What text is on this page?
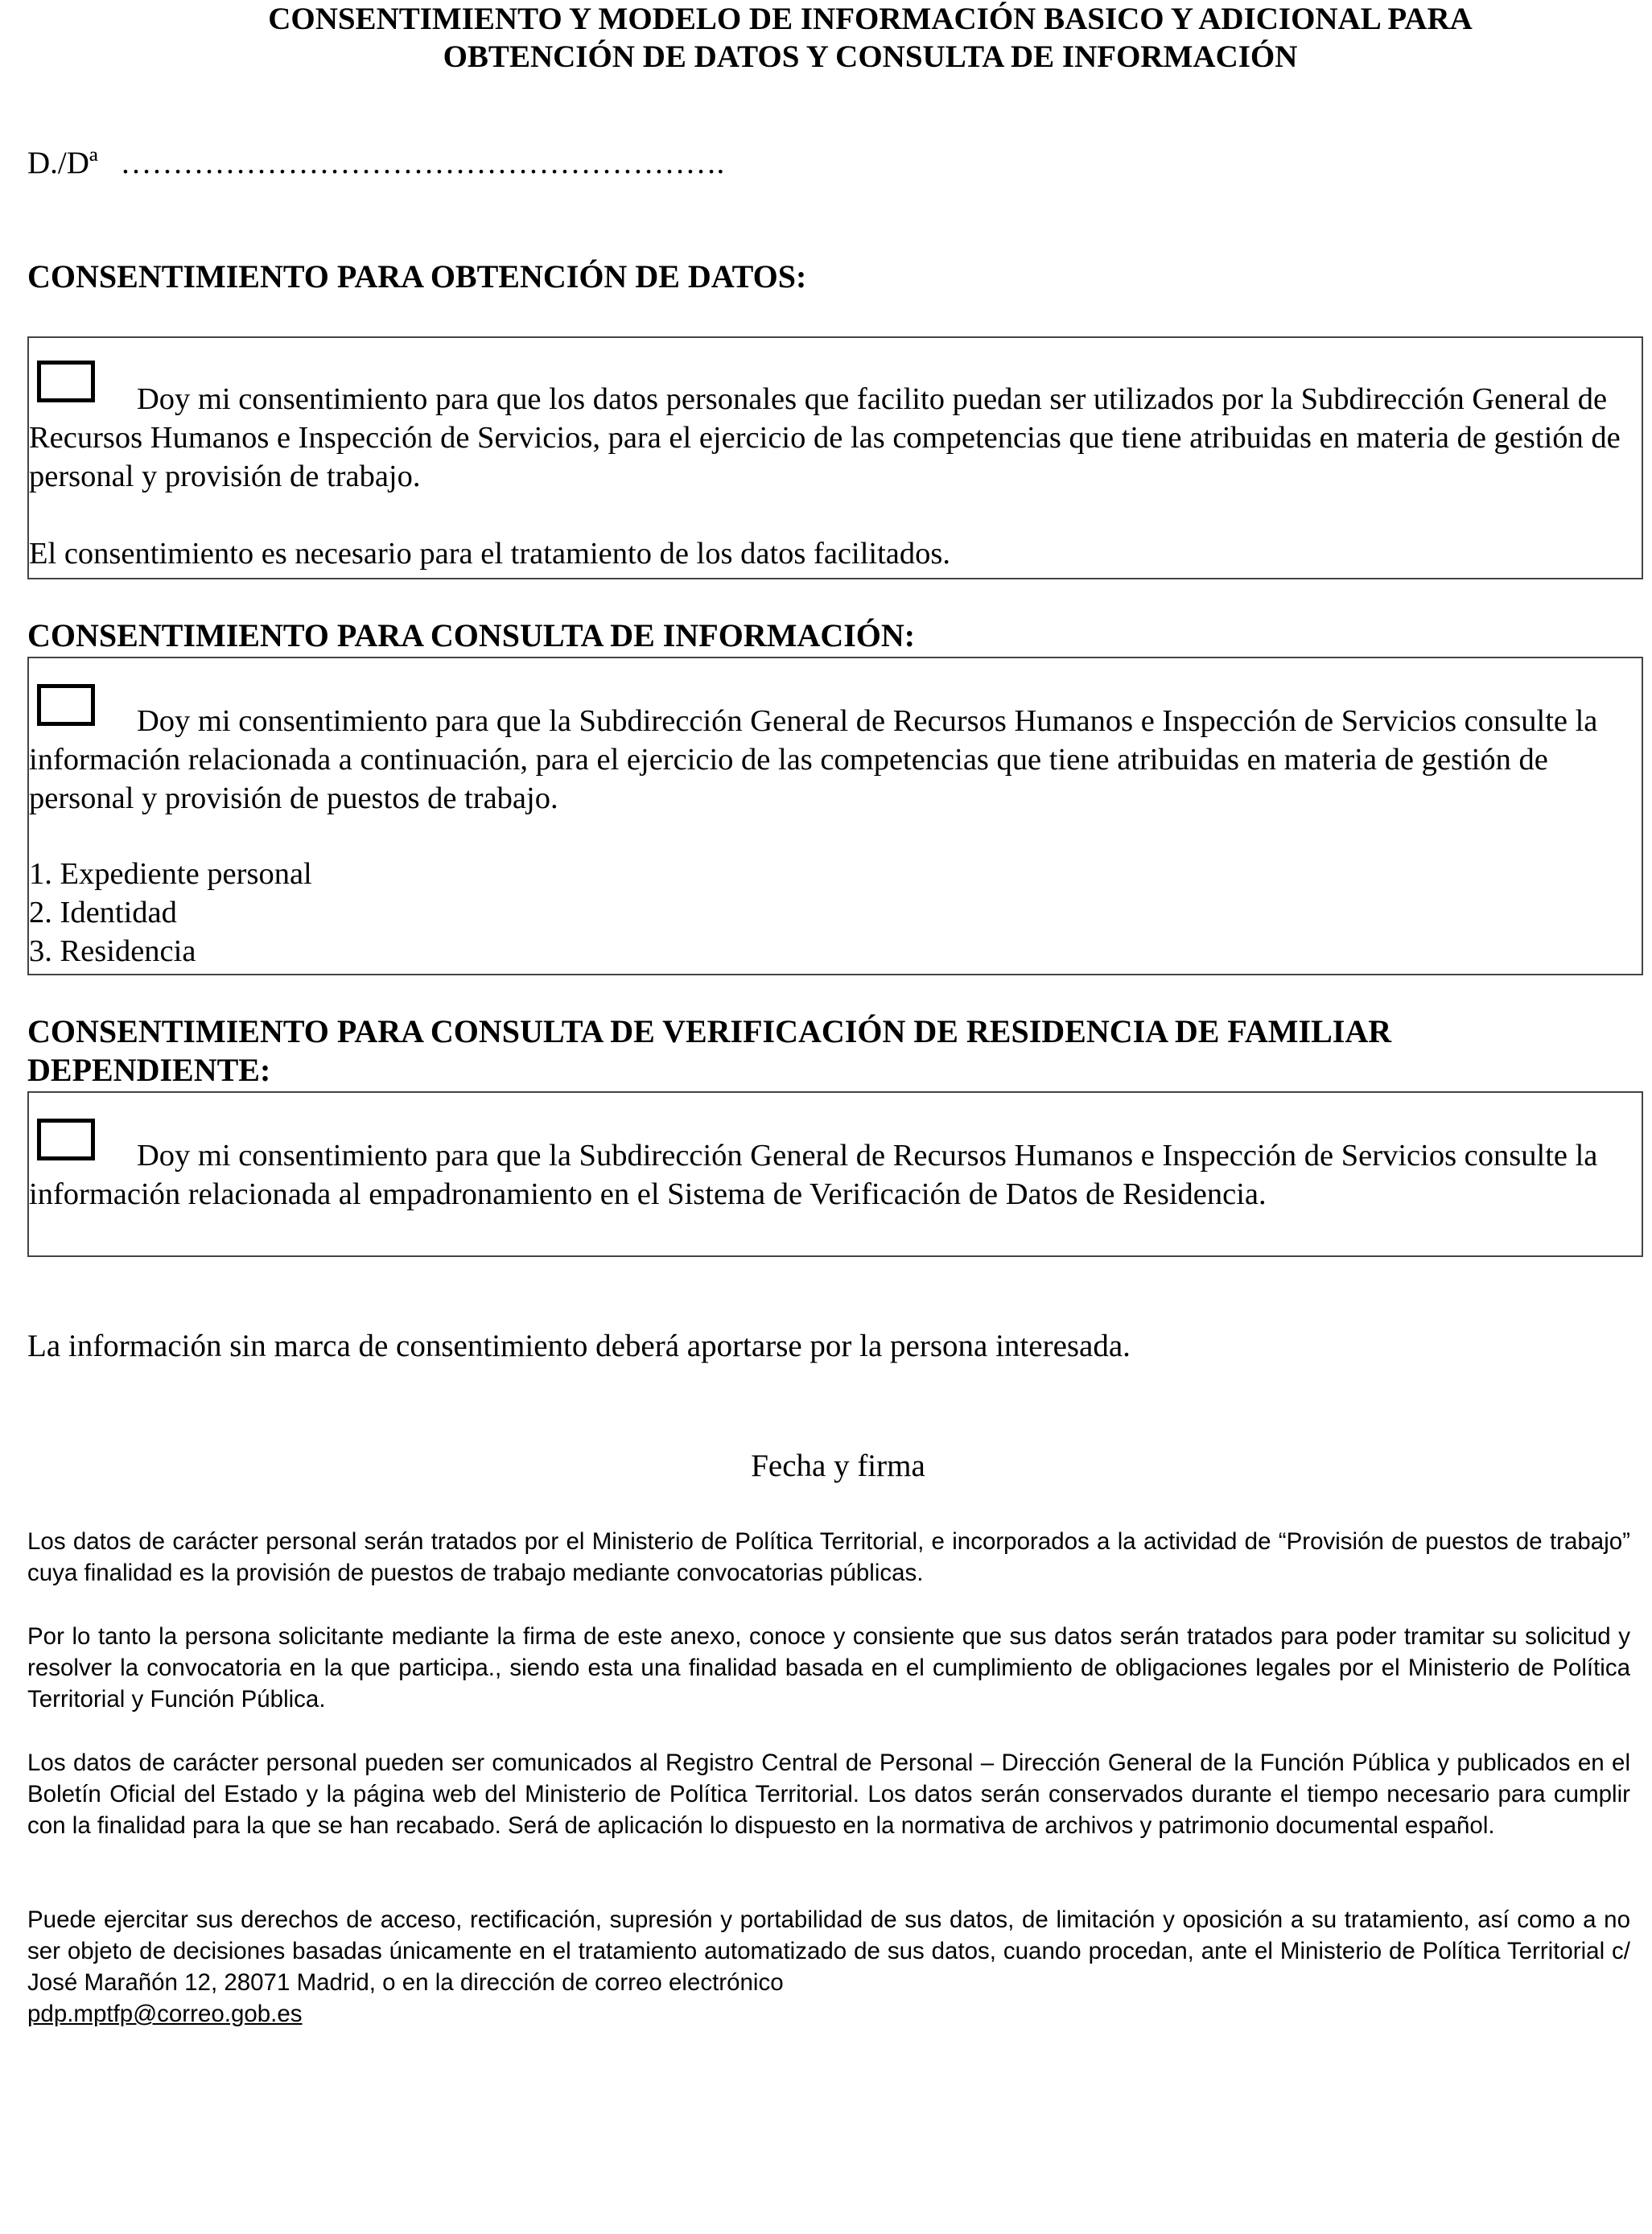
CONSENTIMIENTO Y MODELO DE INFORMACIÓN BASICO Y ADICIONAL PARA
OBTENCIÓN DE DATOS Y CONSULTA DE INFORMACIÓN
D./Dª ………………………………………………….
CONSENTIMIENTO PARA OBTENCIÓN DE DATOS:

Doy mi consentimiento para que los datos personales que facilito puedan ser utilizados por la Subdirección General de Recursos Humanos e Inspección de Servicios, para el ejercicio de las competencias que tiene atribuidas en materia de gestión de personal y provisión de trabajo.

El consentimiento es necesario para el tratamiento de los datos facilitados.

CONSENTIMIENTO PARA CONSULTA DE INFORMACIÓN:

Doy mi consentimiento para que la Subdirección General de Recursos Humanos e Inspección de Servicios consulte la información relacionada a continuación, para el ejercicio de las competencias que tiene atribuidas en materia de gestión de personal y provisión de puestos de trabajo.

1. Expediente personal
2. Identidad
3. Residencia
CONSENTIMIENTO PARA CONSULTA DE VERIFICACIÓN DE RESIDENCIA DE FAMILIAR
DEPENDIENTE:

Doy mi consentimiento para que la Subdirección General de Recursos Humanos e Inspección de Servicios consulte la información relacionada al empadronamiento en el Sistema de Verificación de Datos de Residencia.

La información sin marca de consentimiento deberá aportarse por la persona interesada.
Fecha y firma

Los datos de carácter personal serán tratados por el Ministerio de Política Territorial, e incorporados a la actividad de “Provisión de puestos de trabajo” cuya finalidad es la provisión de puestos de trabajo mediante convocatorias públicas.

Por lo tanto la persona solicitante mediante la firma de este anexo, conoce y consiente que sus datos serán tratados para poder tramitar su solicitud y resolver la convocatoria en la que participa., siendo esta una finalidad basada en el cumplimiento de obligaciones legales por el Ministerio de Política Territorial y Función Pública.

Los datos de carácter personal pueden ser comunicados al Registro Central de Personal – Dirección General de la Función Pública y publicados en el Boletín Oficial del Estado y la página web del Ministerio de Política Territorial. Los datos serán conservados durante el tiempo necesario para cumplir con la finalidad para la que se han recabado. Será de aplicación lo dispuesto en la normativa de archivos y patrimonio documental español.

Puede ejercitar sus derechos de acceso, rectificación, supresión y portabilidad de sus datos, de limitación y oposición a su tratamiento, así como a no ser objeto de decisiones basadas únicamente en el tratamiento automatizado de sus datos, cuando procedan, ante el Ministerio de Política Territorial c/ José Marañón 12, 28071 Madrid, o en la dirección de correo electrónico

pdp.mptfp@correo.gob.es
